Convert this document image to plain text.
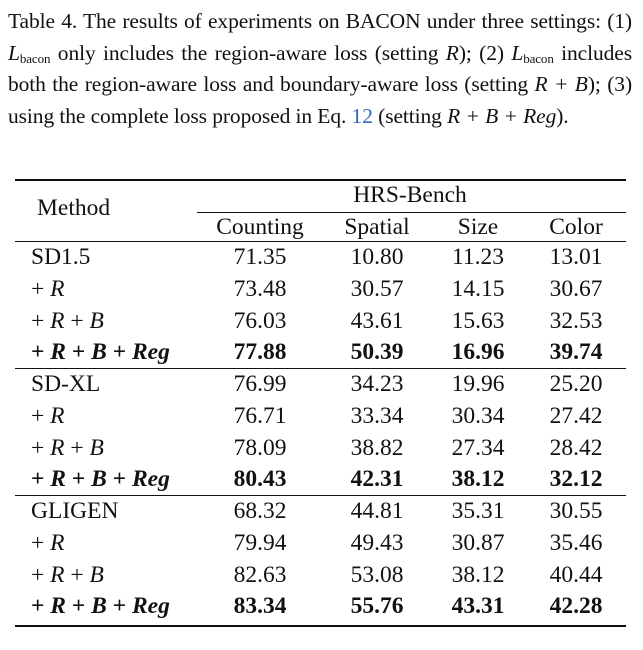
Table 4. The results of experiments on BACON under three settings: (1) $L_{bacon}$ only includes the region-aware loss (setting R); (2) $L_{bacon}$ includes both the region-aware loss and boundary-aware loss (setting R + B); (3) using the complete loss proposed in Eq. 12 (setting R + B + Reg).
Method	HRS-Bench
Counting Spatial Size Color
SD1.5	71.35	10.80 11.23 13.01
+ R	73.48	30.57 14.15 30.67
+ R + B	76.03	43.61 15.63 32.53
+ R + B + Reg	77.88	50.39 16.96 39.74
SD-XL	76.99	34.23 19.96 25.20
+ R	76.71	33.34 30.34 27.42
+ R + B	78.09	38.82 27.34 28.42
+ R + B + Reg	80.43	42.31 38.12 32.12
GLIGEN	68.32	44.81 35.31 30.55
+ R	79.94	49.43 30.87 35.46
+ R + B	82.63	53.08 38.12 40.44
+ R + B + Reg	83.34	55.76 43.31 42.28
